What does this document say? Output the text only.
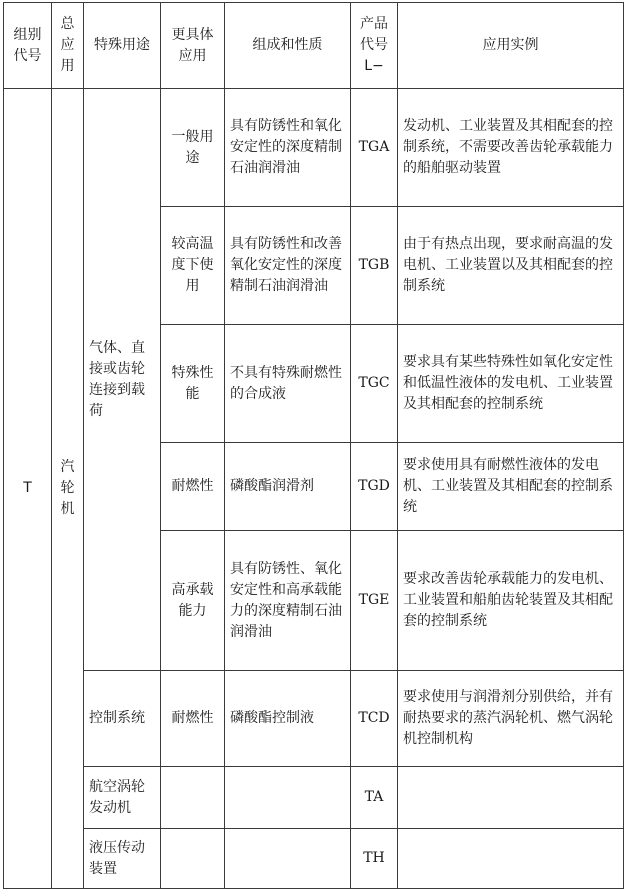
组别代号	总应用	特殊用途	更具体应用	组成和性质	产品代号 L−	应用实例
T	汽轮机	气体、直接或齿轮连接到载荷	一般用途	具有防锈性和氧化安定性的深度精制石油润滑油	TGA	发动机、工业装置及其相配套的控制系统，不需要改善齿轮承载能力的船舶驱动装置
			较高温度下使用	具有防锈性和改善氧化安定性的深度精制石油润滑油	TGB	由于有热点出现，要求耐高温的发电机、工业装置以及其相配套的控制系统
			特殊性能	不具有特殊耐燃性的合成液	TGC	要求具有某些特殊性如氧化安定性和低温性液体的发电机、工业装置及其相配套的控制系统
			耐燃性	磷酸酯润滑剂	TGD	要求使用具有耐燃性液体的发电机、工业装置及其相配套的控制系统
			高承载能力	具有防锈性、氧化安定性和高承载能力的深度精制石油润滑油	TGE	要求改善齿轮承载能力的发电机、工业装置和船舶齿轮装置及其相配套的控制系统
		控制系统	耐燃性	磷酸酯控制液	TCD	要求使用与润滑剂分别供给，并有耐热要求的蒸汽涡轮机、燃气涡轮机控制机构
		航空涡轮发动机			TA	
		液压传动装置			TH	
